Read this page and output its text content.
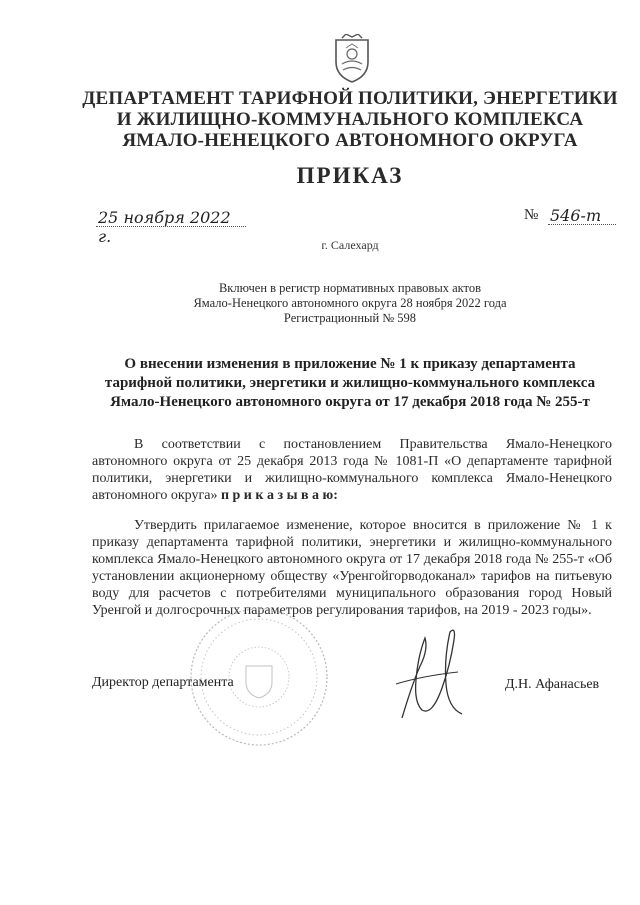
ДЕПАРТАМЕНТ ТАРИФНОЙ ПОЛИТИКИ, ЭНЕРГЕТИКИ
И ЖИЛИЩНО-КОММУНАЛЬНОГО КОМПЛЕКСА
ЯМАЛО-НЕНЕЦКОГО АВТОНОМНОГО ОКРУГА
ПРИКАЗ
25 ноября 2022 г.
№ 546-т
г. Салехард
Включен в регистр нормативных правовых актов
Ямало-Ненецкого автономного округа 28 ноября 2022 года
Регистрационный № 598
О внесении изменения в приложение № 1 к приказу департамента
тарифной политики, энергетики и жилищно-коммунального комплекса
Ямало-Ненецкого автономного округа от 17 декабря 2018 года № 255-т

В соответствии с постановлением Правительства Ямало-Ненецкого автономного округа от 25 декабря 2013 года № 1081-П «О департаменте тарифной политики, энергетики и жилищно-коммунального комплекса Ямало-Ненецкого автономного округа» п р и к а з ы в а ю:

Утвердить прилагаемое изменение, которое вносится в приложение № 1 к приказу департамента тарифной политики, энергетики и жилищно-коммунального комплекса Ямало-Ненецкого автономного округа от 17 декабря 2018 года № 255-т «Об установлении акционерному обществу «Уренгойгорводоканал» тарифов на питьевую воду для расчетов с потребителями муниципального образования город Новый Уренгой и долгосрочных параметров регулирования тарифов, на 2019 - 2023 годы».

Директор департамента	Д.Н. Афанасьев
